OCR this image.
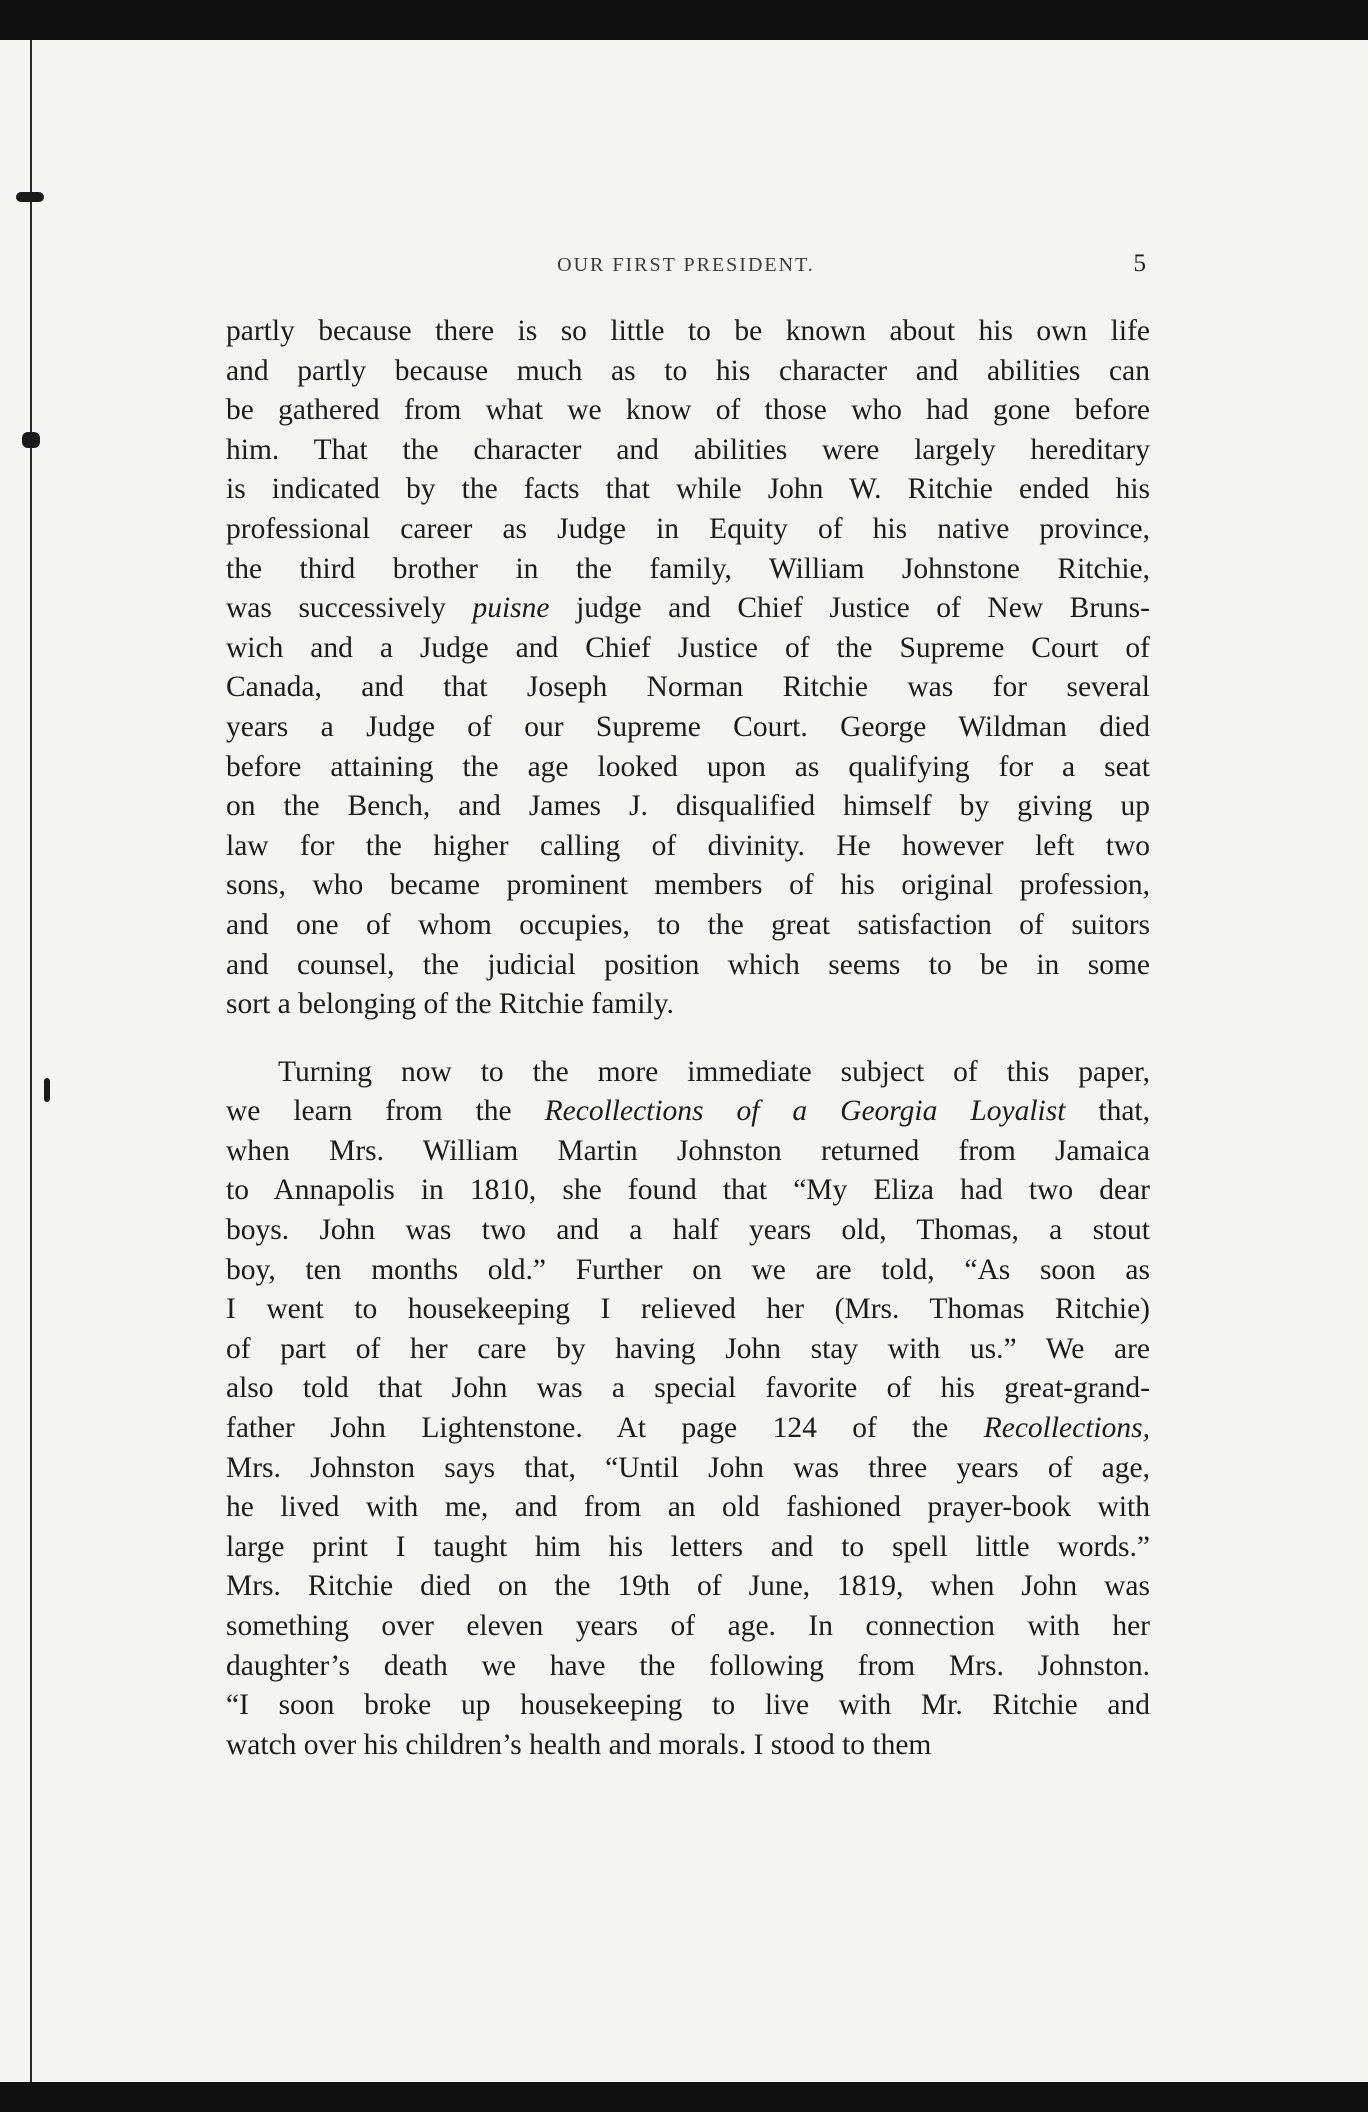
OUR FIRST PRESIDENT.	5
partly because there is so little to be known about his own life
and partly because much as to his character and abilities can
be gathered from what we know of those who had gone before
him. That the character and abilities were largely hereditary
is indicated by the facts that while John W. Ritchie ended his
professional career as Judge in Equity of his native province,
the third brother in the family, William Johnstone Ritchie,
was successively puisne judge and Chief Justice of New Bruns-
wich and a Judge and Chief Justice of the Supreme Court of
Canada, and that Joseph Norman Ritchie was for several
years a Judge of our Supreme Court. George Wildman died
before attaining the age looked upon as qualifying for a seat
on the Bench, and James J. disqualified himself by giving up
law for the higher calling of divinity. He however left two
sons, who became prominent members of his original profession,
and one of whom occupies, to the great satisfaction of suitors
and counsel, the judicial position which seems to be in some
sort a belonging of the Ritchie family.
Turning now to the more immediate subject of this paper,
we learn from the Recollections of a Georgia Loyalist that,
when Mrs. William Martin Johnston returned from Jamaica
to Annapolis in 1810, she found that “My Eliza had two dear
boys. John was two and a half years old, Thomas, a stout
boy, ten months old.” Further on we are told, “As soon as
I went to housekeeping I relieved her (Mrs. Thomas Ritchie)
of part of her care by having John stay with us.” We are
also told that John was a special favorite of his great-grand-
father John Lightenstone. At page 124 of the Recollections,
Mrs. Johnston says that, “Until John was three years of age,
he lived with me, and from an old fashioned prayer-book with
large print I taught him his letters and to spell little words.”
Mrs. Ritchie died on the 19th of June, 1819, when John was
something over eleven years of age. In connection with her
daughter’s death we have the following from Mrs. Johnston.
“I soon broke up housekeeping to live with Mr. Ritchie and
watch over his children’s health and morals. I stood to them
